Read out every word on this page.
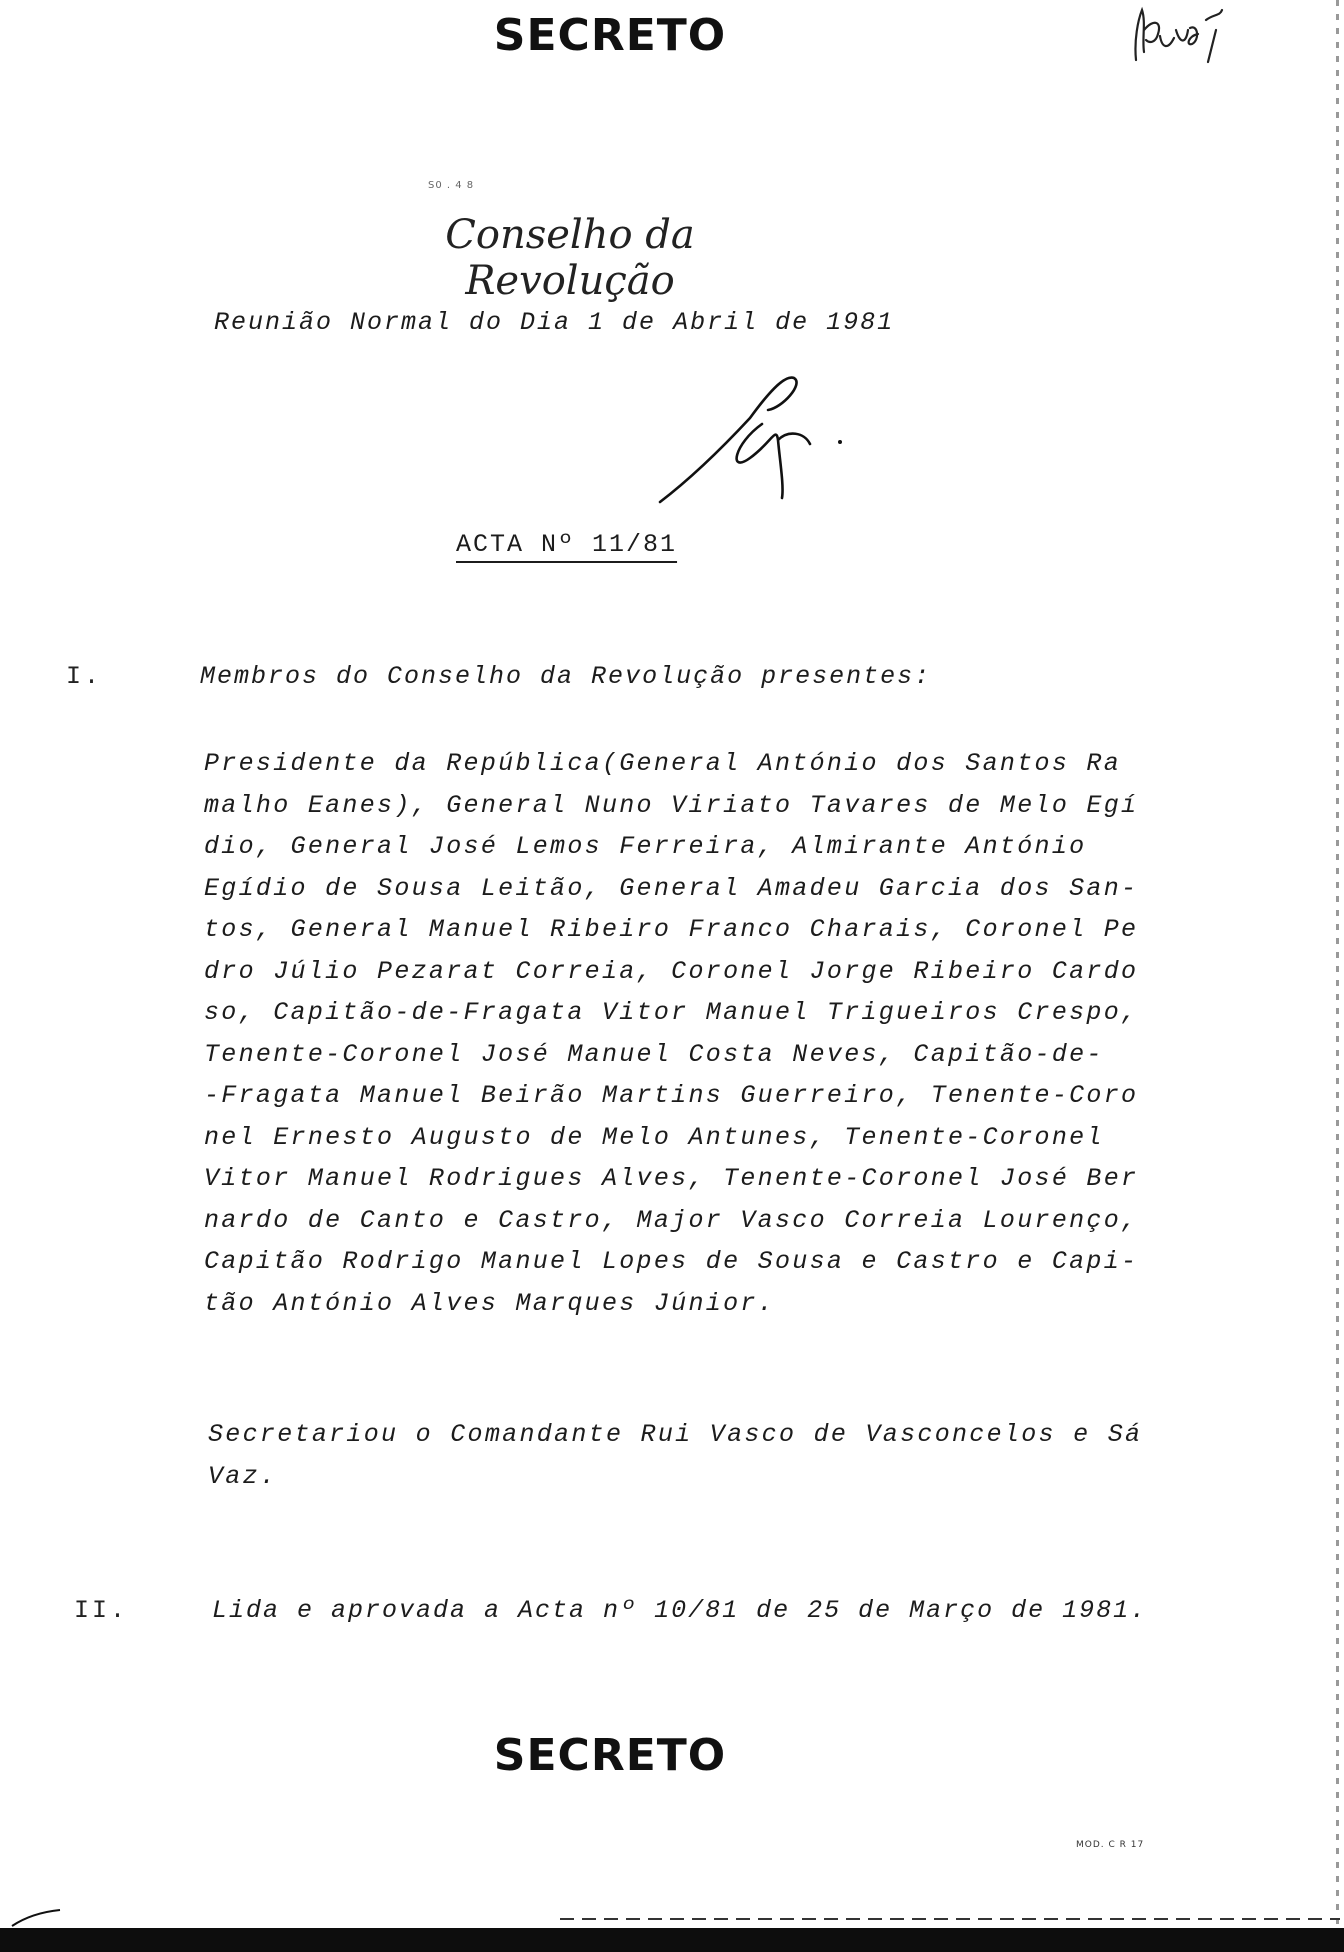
SECRETO
S0 . 4 8
Conselho da Revolução
Reunião Normal do Dia 1 de Abril de 1981
ACTA Nº 11/81
I.	Membros do Conselho da Revolução presentes:
Presidente da República(General António dos Santos Ra
malho Eanes), General Nuno Viriato Tavares de Melo Egí
dio, General José Lemos Ferreira, Almirante António
Egídio de Sousa Leitão, General Amadeu Garcia dos San-
tos, General Manuel Ribeiro Franco Charais, Coronel Pe
dro Júlio Pezarat Correia, Coronel Jorge Ribeiro Cardo
so, Capitão-de-Fragata Vitor Manuel Trigueiros Crespo,
Tenente-Coronel José Manuel Costa Neves, Capitão-de-
-Fragata Manuel Beirão Martins Guerreiro, Tenente-Coro
nel Ernesto Augusto de Melo Antunes, Tenente-Coronel
Vitor Manuel Rodrigues Alves, Tenente-Coronel José Ber
nardo de Canto e Castro, Major Vasco Correia Lourenço,
Capitão Rodrigo Manuel Lopes de Sousa e Castro e Capi-
tão António Alves Marques Júnior.
Secretariou o Comandante Rui Vasco de Vasconcelos e Sá
Vaz.
II.	Lida e aprovada a Acta nº 10/81 de 25 de Março de 1981.
SECRETO
MOD. C R 17
